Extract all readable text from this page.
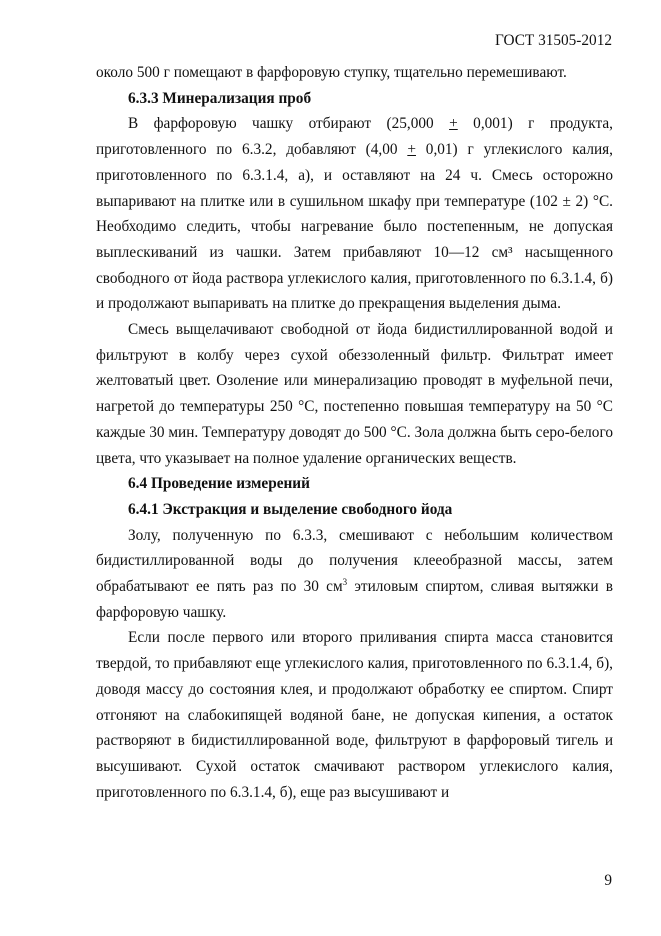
ГОСТ 31505-2012

около 500 г помещают в фарфоровую ступку, тщательно перемешивают.

6.3.3 Минерализация проб

В фарфоровую чашку отбирают (25,000 + 0,001) г продукта, приготовленного по 6.3.2, добавляют (4,00 + 0,01) г углекислого калия, приготовленного по 6.3.1.4, а), и оставляют на 24 ч. Смесь осторожно выпаривают на плитке или в сушильном шкафу при температуре (102 ± 2) °С. Необходимо следить, чтобы нагревание было постепенным, не допуская выплескиваний из чашки. Затем прибавляют 10—12 см³ насыщенного свободного от йода раствора углекислого калия, приготовленного по 6.3.1.4, б) и продолжают выпаривать на плитке до прекращения выделения дыма.

Смесь выщелачивают свободной от йода бидистиллированной водой и фильтруют в колбу через сухой обеззоленный фильтр. Фильтрат имеет желтоватый цвет. Озоление или минерализацию проводят в муфельной печи, нагретой до температуры 250 °С, постепенно повышая температуру на 50 °С каждые 30 мин. Температуру доводят до 500 °С. Зола должна быть серо-белого цвета, что указывает на полное удаление органических веществ.

6.4 Проведение измерений

6.4.1 Экстракция и выделение свободного йода

Золу, полученную по 6.3.3, смешивают с небольшим количеством бидистиллированной воды до получения клееобразной массы, затем обрабатывают ее пять раз по 30 $см^3$ этиловым спиртом, сливая вытяжки в фарфоровую чашку.

Если после первого или второго приливания спирта масса становится твердой, то прибавляют еще углекислого калия, приготовленного по 6.3.1.4, б), доводя массу до состояния клея, и продолжают обработку ее спиртом. Спирт отгоняют на слабокипящей водяной бане, не допуская кипения, а остаток растворяют в бидистиллированной воде, фильтруют в фарфоровый тигель и высушивают. Сухой остаток смачивают раствором углекислого калия, приготовленного по 6.3.1.4, б), еще раз высушивают и

9
